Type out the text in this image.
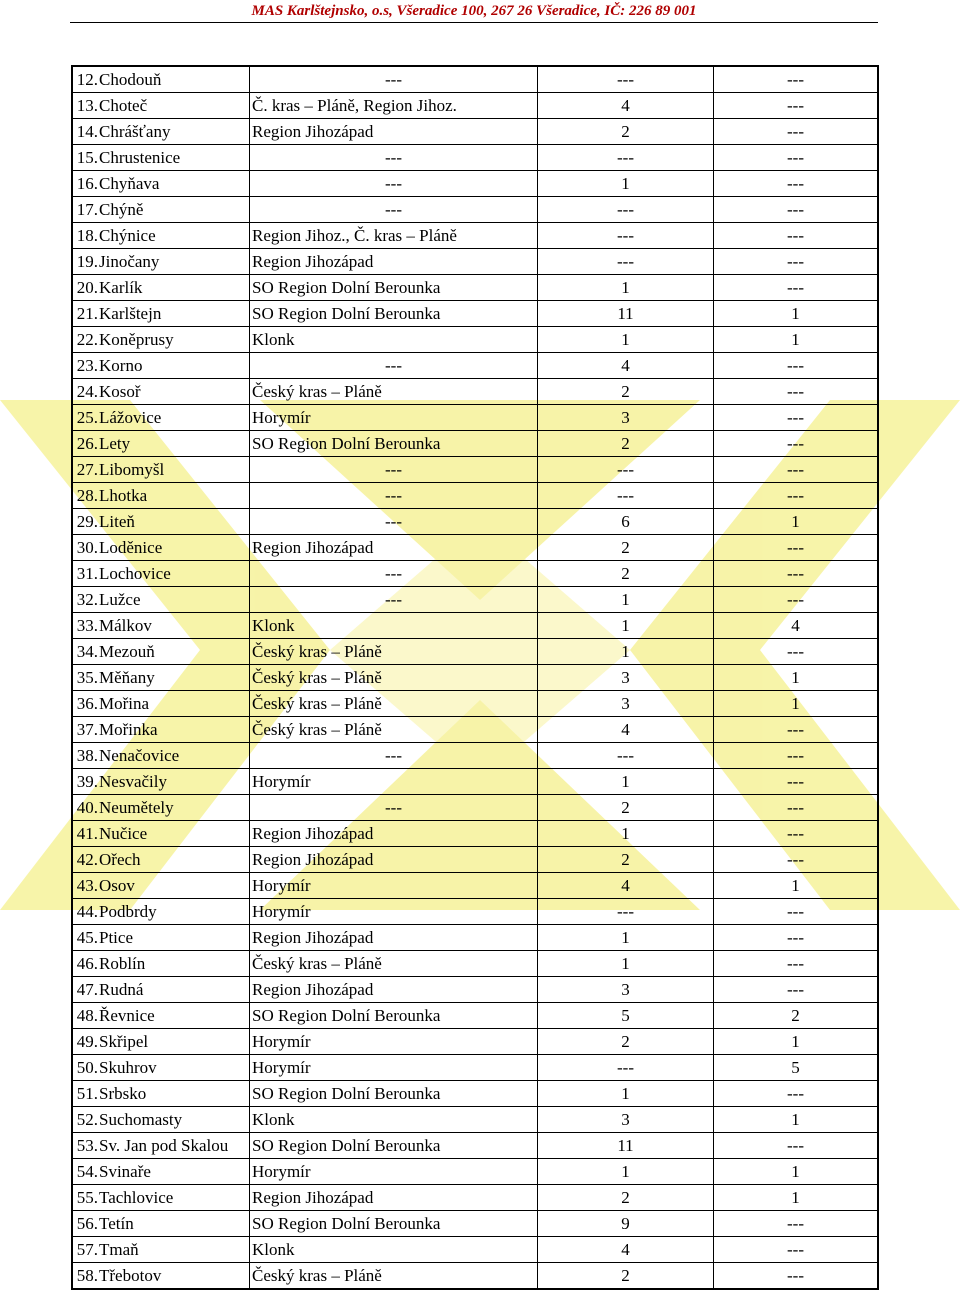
MAS Karlštejnsko, o.s, Všeradice 100, 267 26 Všeradice, IČ: 226 89 001
12.	Chodouň	---	---	---
13.	Choteč	Č. kras – Pláně, Region Jihoz.	4	---
14.	Chrášťany	Region Jihozápad	2	---
15.	Chrustenice	---	---	---
16.	Chyňava	---	1	---
17.	Chýně	---	---	---
18.	Chýnice	Region Jihoz., Č. kras – Pláně	---	---
19.	Jinočany	Region Jihozápad	---	---
20.	Karlík	SO Region Dolní Berounka	1	---
21.	Karlštejn	SO Region Dolní Berounka	11	1
22.	Koněprusy	Klonk	1	1
23.	Korno	---	4	---
24.	Kosoř	Český kras – Pláně	2	---
25.	Lážovice	Horymír	3	---
26.	Lety	SO Region Dolní Berounka	2	---
27.	Libomyšl	---	---	---
28.	Lhotka	---	---	---
29.	Liteň	---	6	1
30.	Loděnice	Region Jihozápad	2	---
31.	Lochovice	---	2	---
32.	Lužce	---	1	---
33.	Málkov	Klonk	1	4
34.	Mezouň	Český kras – Pláně	1	---
35.	Měňany	Český kras – Pláně	3	1
36.	Mořina	Český kras – Pláně	3	1
37.	Mořinka	Český kras – Pláně	4	---
38.	Nenačovice	---	---	---
39.	Nesvačily	Horymír	1	---
40.	Neumětely	---	2	---
41.	Nučice	Region Jihozápad	1	---
42.	Ořech	Region Jihozápad	2	---
43.	Osov	Horymír	4	1
44.	Podbrdy	Horymír	---	---
45.	Ptice	Region Jihozápad	1	---
46.	Roblín	Český kras – Pláně	1	---
47.	Rudná	Region Jihozápad	3	---
48.	Řevnice	SO Region Dolní Berounka	5	2
49.	Skřipel	Horymír	2	1
50.	Skuhrov	Horymír	---	5
51.	Srbsko	SO Region Dolní Berounka	1	---
52.	Suchomasty	Klonk	3	1
53.	Sv. Jan pod Skalou	SO Region Dolní Berounka	11	---
54.	Svinaře	Horymír	1	1
55.	Tachlovice	Region Jihozápad	2	1
56.	Tetín	SO Region Dolní Berounka	9	---
57.	Tmaň	Klonk	4	---
58.	Třebotov	Český kras – Pláně	2	---
